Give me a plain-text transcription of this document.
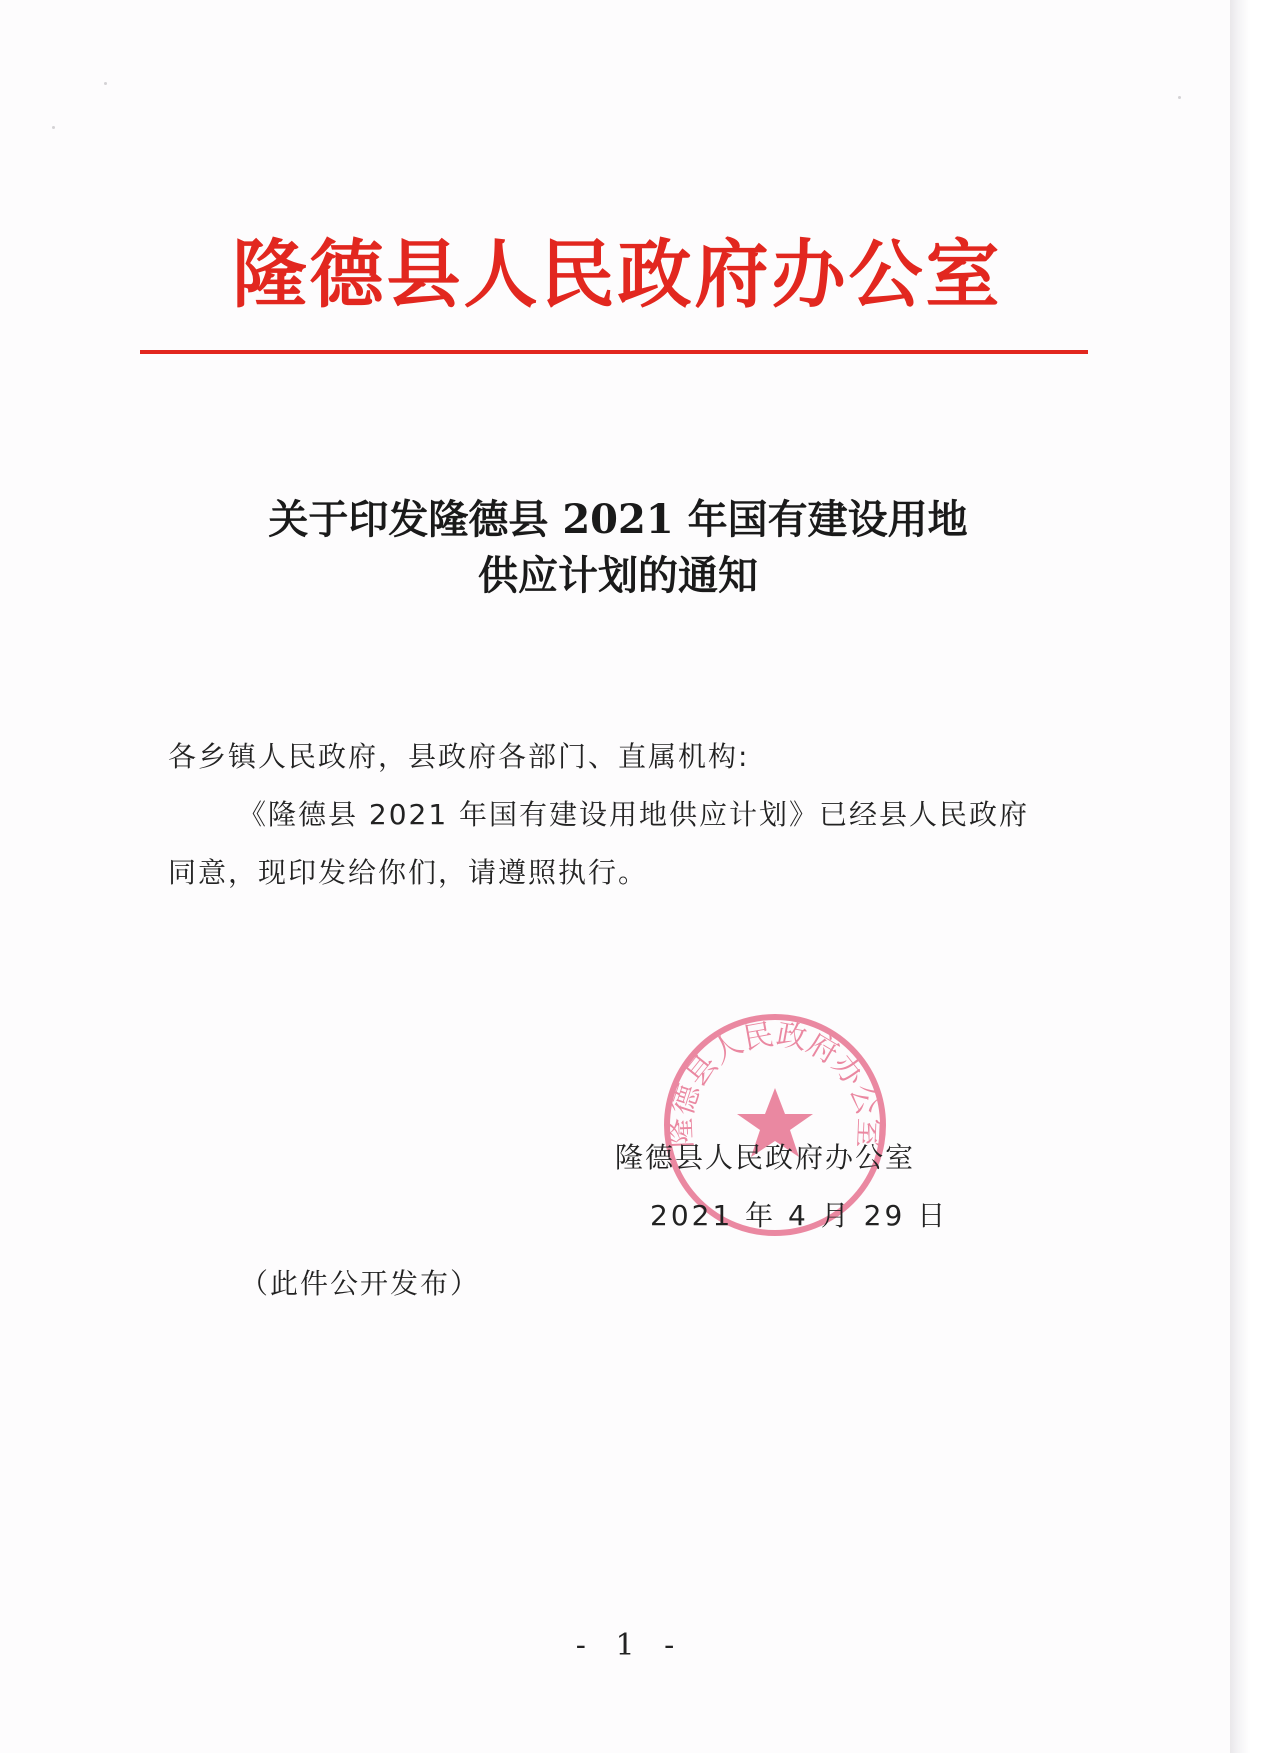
隆德县人民政府办公室
关于印发隆德县 2021 年国有建设用地
供应计划的通知
各乡镇人民政府，县政府各部门、直属机构:
《隆德县 2021 年国有建设用地供应计划》已经县人民政府
同意，现印发给你们，请遵照执行。
隆德县人民政府办公室
隆德县人民政府办公室
2021 年 4 月 29 日
（此件公开发布）
- 1 -
